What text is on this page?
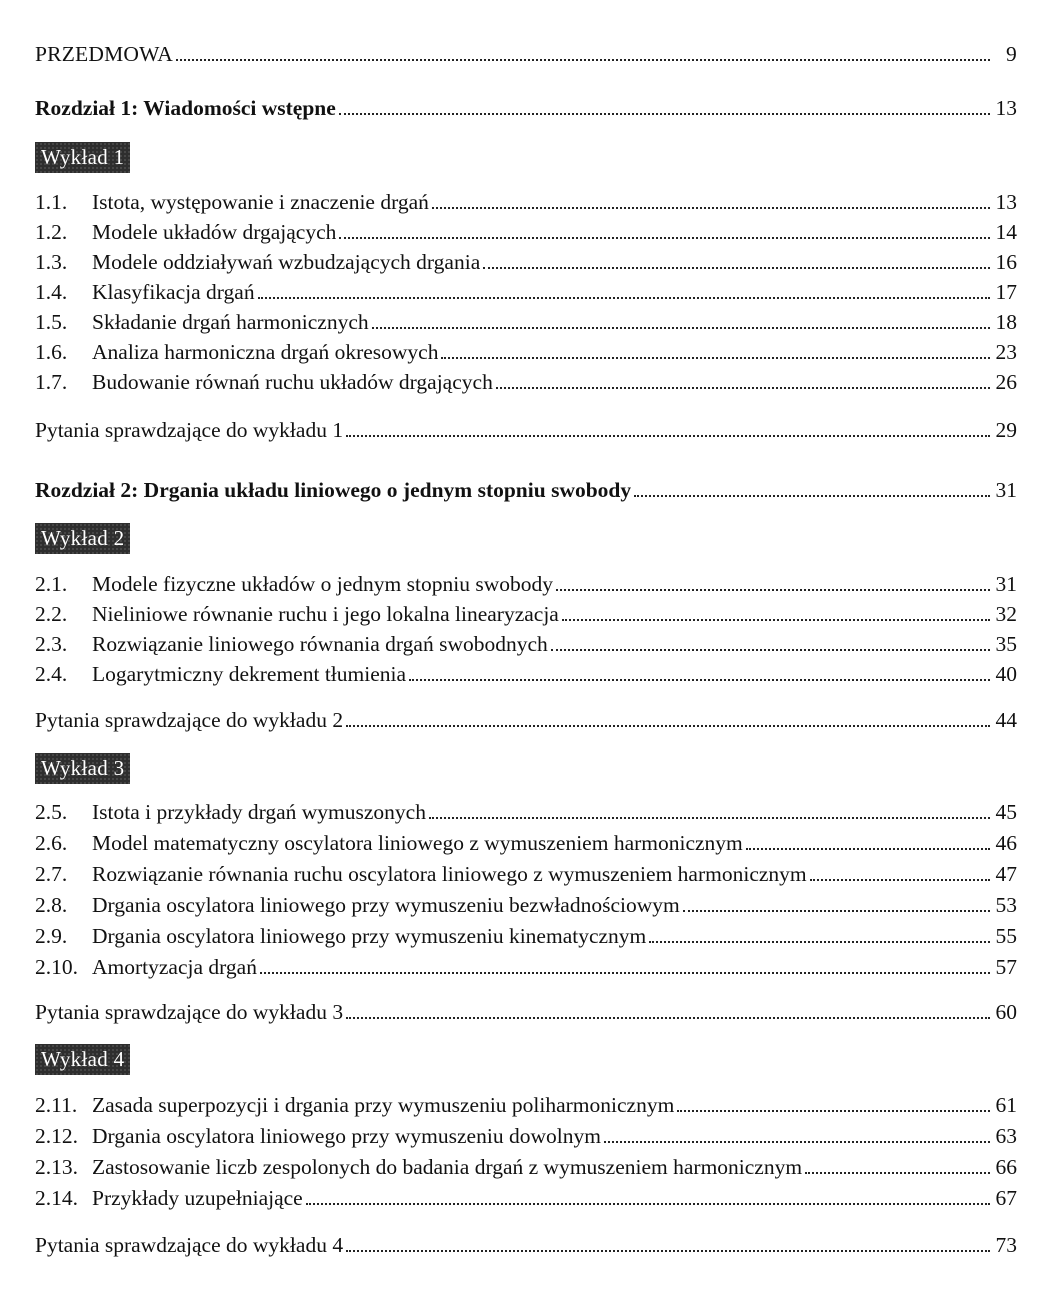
PRZEDMOWA	9
Rozdział 1: Wiadomości wstępne	13
Wykład 1
1.1.	Istota, występowanie i znaczenie drgań	13
1.2.	Modele układów drgających	14
1.3.	Modele oddziaływań wzbudzających drgania	16
1.4.	Klasyfikacja drgań	17
1.5.	Składanie drgań harmonicznych	18
1.6.	Analiza harmoniczna drgań okresowych	23
1.7.	Budowanie równań ruchu układów drgających	26
Pytania sprawdzające do wykładu 1	29
Rozdział 2: Drgania układu liniowego o jednym stopniu swobody	31
Wykład 2
2.1.	Modele fizyczne układów o jednym stopniu swobody	31
2.2.	Nieliniowe równanie ruchu i jego lokalna linearyzacja	32
2.3.	Rozwiązanie liniowego równania drgań swobodnych	35
2.4.	Logarytmiczny dekrement tłumienia	40
Pytania sprawdzające do wykładu 2	44
Wykład 3
2.5.	Istota i przykłady drgań wymuszonych	45
2.6.	Model matematyczny oscylatora liniowego z wymuszeniem harmonicznym	46
2.7.	Rozwiązanie równania ruchu oscylatora liniowego z wymuszeniem harmonicznym	47
2.8.	Drgania oscylatora liniowego przy wymuszeniu bezwładnościowym	53
2.9.	Drgania oscylatora liniowego przy wymuszeniu kinematycznym	55
2.10. Amortyzacja drgań	57
Pytania sprawdzające do wykładu 3	60
Wykład 4
2.11. Zasada superpozycji i drgania przy wymuszeniu poliharmonicznym	61
2.12. Drgania oscylatora liniowego przy wymuszeniu dowolnym	63
2.13. Zastosowanie liczb zespolonych do badania drgań z wymuszeniem harmonicznym	66
2.14. Przykłady uzupełniające	67
Pytania sprawdzające do wykładu 4	73
